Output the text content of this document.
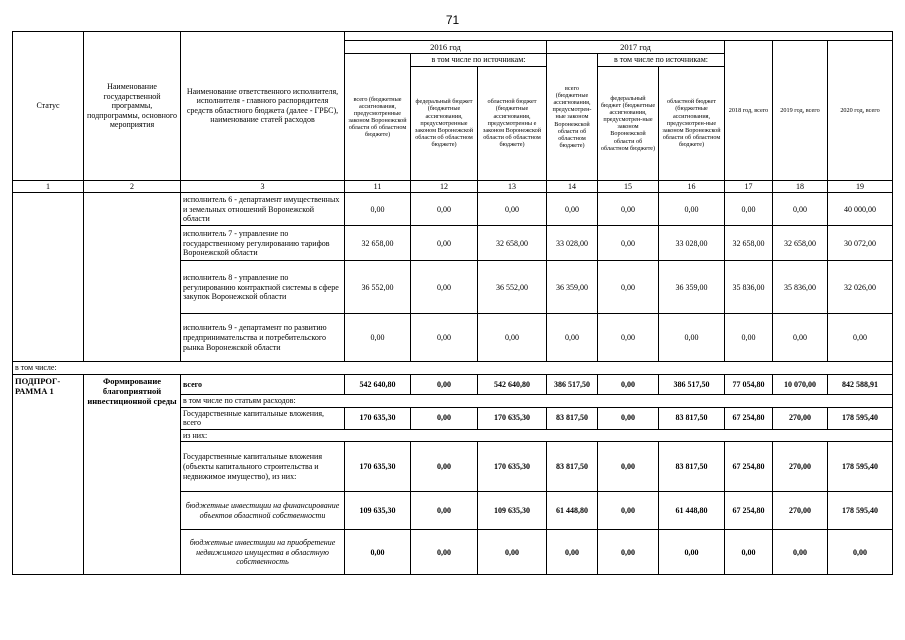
71
Статус	Наименование государственной программы, подпрограммы, основного мероприятия	Наименование ответственного исполнителя, исполнителя - главного распорядителя средств областного бюджета (далее - ГРБС), наименование статей расходов									
			2016 год			2017 год			2018 год, всего	2019 год, всего	2020 год, всего
			всего (бюджетные ассигнования, предусмотренные законом Воронежской области об областном бюджете)	в том числе по источникам:		всего (бюджетные ассигнования, предусмотрен-ные законом Воронежской области об областном бюджете)	в том числе по источникам:				
				федеральный бюджет (бюджетные ассигнования, предусмотренные законом Воронежской области об областном бюджете)	областной бюджет (бюджетные ассигнования, предусмотренны е законом Воронежской области об областном бюджете)		федеральный бюджет (бюджетные ассигнования, предусмотрен-ные законом Воронежской области об областном бюджете)	областной бюджет (бюджетные ассигнования, предусмотрен-ные законом Воронежской области об областном бюджете)			
1	2	3	11	12	13	14	15	16	17	18	19
		исполнитель 6 - департамент имущественных и земельных отношений Воронежской области	0,00	0,00	0,00	0,00	0,00	0,00	0,00	0,00	40 000,00
		исполнитель 7 - управление по государственному регулированию тарифов Воронежской области	32 658,00	0,00	32 658,00	33 028,00	0,00	33 028,00	32 658,00	32 658,00	30 072,00
		исполнитель 8 - управление по регулированию контрактной системы в сфере закупок Воронежской области	36 552,00	0,00	36 552,00	36 359,00	0,00	36 359,00	35 836,00	35 836,00	32 026,00
		исполнитель 9 - департамент по развитию предпринимательства и потребительского рынка Воронежской области	0,00	0,00	0,00	0,00	0,00	0,00	0,00	0,00	0,00
в том числе:											
ПОДПРОГ-РАММА 1	Формирование благоприятной инвестиционной среды	всего	542 640,80	0,00	542 640,80	386 517,50	0,00	386 517,50	77 054,80	10 070,00	842 588,91
		в том числе по статьям расходов:									
		Государственные капитальные вложения, всего	170 635,30	0,00	170 635,30	83 817,50	0,00	83 817,50	67 254,80	270,00	178 595,40
		из них:									
		Государственные капитальные вложения (объекты капитального строительства и недвижимое имущество), из них:	170 635,30	0,00	170 635,30	83 817,50	0,00	83 817,50	67 254,80	270,00	178 595,40
		бюджетные инвестиции на финансирование объектов областной собственности	109 635,30	0,00	109 635,30	61 448,80	0,00	61 448,80	67 254,80	270,00	178 595,40
		бюджетные инвестиции на приобретение недвижимого имущества в областную собственность	0,00	0,00	0,00	0,00	0,00	0,00	0,00	0,00	0,00
